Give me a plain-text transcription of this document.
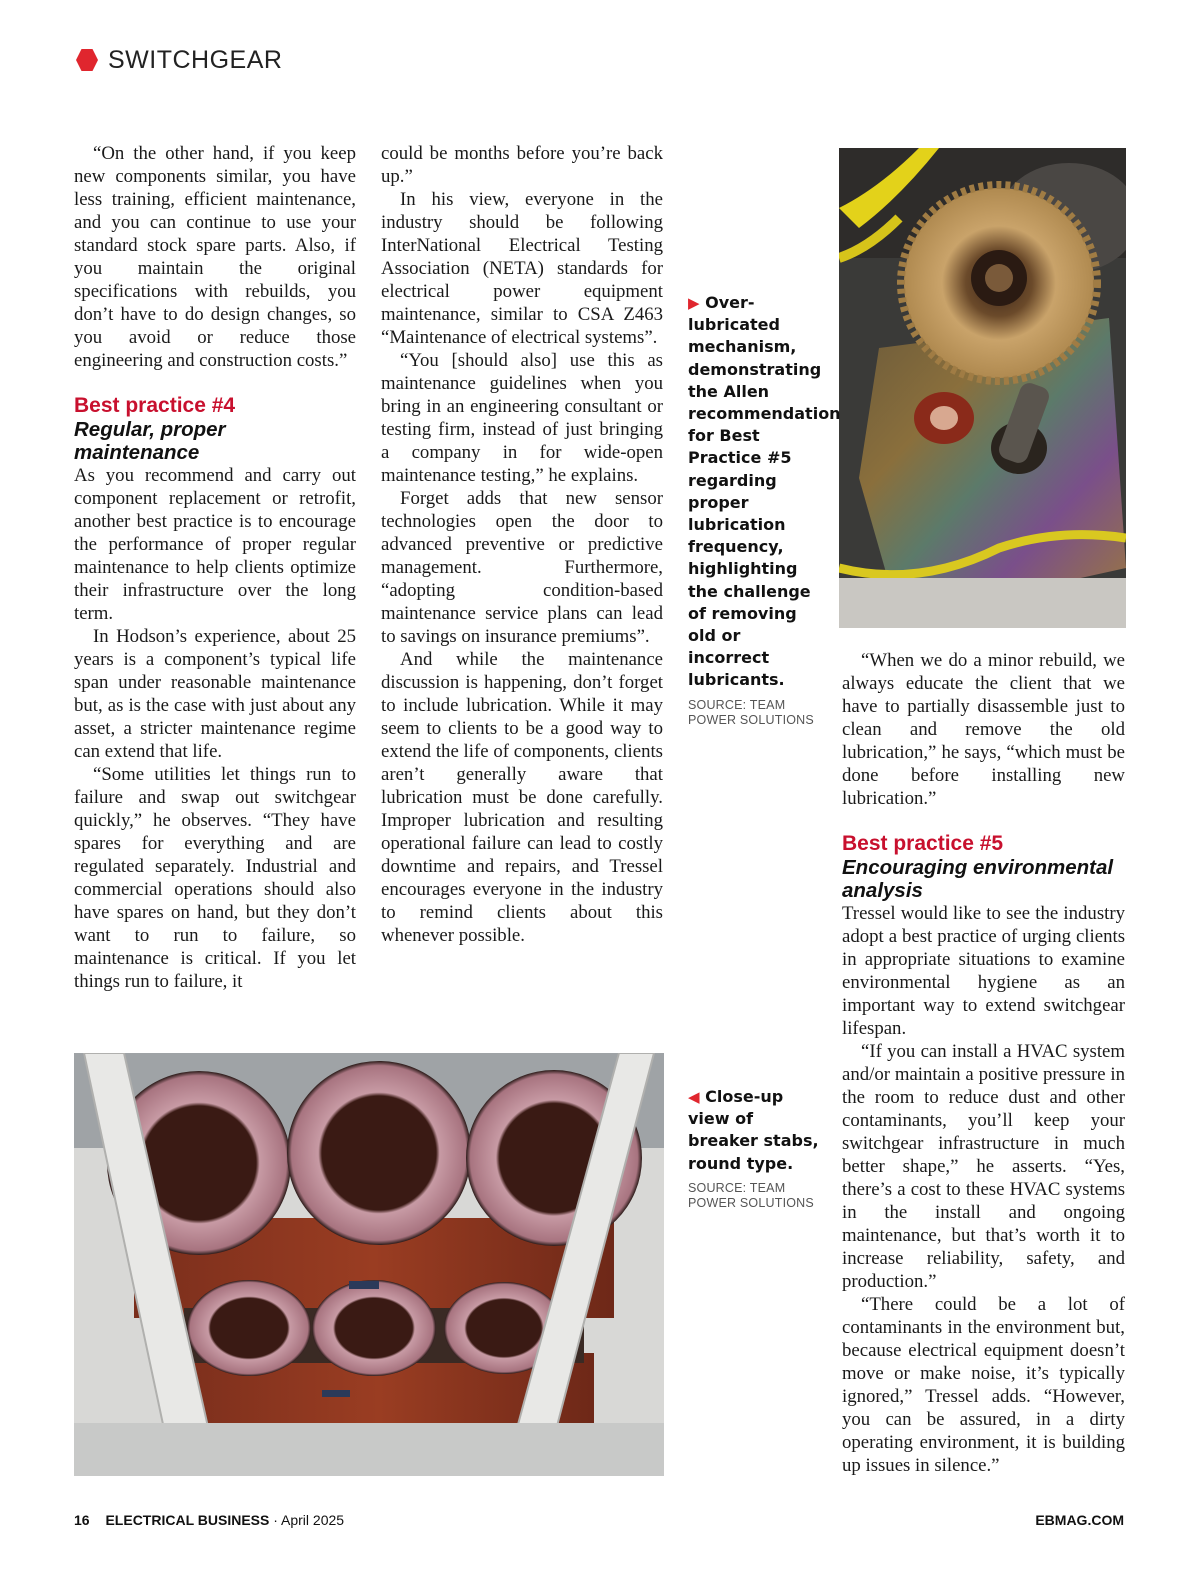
SWITCHGEAR

“On the other hand, if you keep new components similar, you have less training, efficient maintenance, and you can continue to use your standard stock spare parts. Also, if you maintain the original specifications with rebuilds, you don’t have to do design changes, so you avoid or reduce those engineering and construction costs.”

Best practice #4
Regular, proper maintenance

As you recommend and carry out component replacement or retrofit, another best practice is to encourage the performance of proper regular maintenance to help clients optimize their infrastructure over the long term.

In Hodson’s experience, about 25 years is a component’s typical life span under reasonable maintenance but, as is the case with just about any asset, a stricter maintenance regime can extend that life.

“Some utilities let things run to failure and swap out switchgear quickly,” he observes. “They have spares for everything and are regulated separately. Industrial and commercial operations should also have spares on hand, but they don’t want to run to failure, so maintenance is critical. If you let things run to failure, it

could be months before you’re back up.”

In his view, everyone in the industry should be following InterNational Electrical Testing Association (NETA) standards for electrical power equipment maintenance, similar to CSA Z463 “Maintenance of electrical systems”.

“You [should also] use this as maintenance guidelines when you bring in an engineering consultant or testing firm, instead of just bringing a company in for wide-open maintenance testing,” he explains.

Forget adds that new sensor technologies open the door to advanced preventive or predictive management. Furthermore, “adopting condition-based maintenance service plans can lead to savings on insurance premiums”.

And while the maintenance discussion is happening, don’t forget to include lubrication. While it may seem to clients to be a good way to extend the life of components, clients aren’t generally aware that lubrication must be done carefully. Improper lubrication and resulting operational failure can lead to costly downtime and repairs, and Tressel encourages everyone in the industry to remind clients about this whenever possible.

▶ Over-lubricated mechanism, demonstrating the Allen recommendation for Best Practice #5 regarding proper lubrication frequency, highlighting the challenge of removing old or incorrect lubricants.
SOURCE: TEAM POWER SOLUTIONS

“When we do a minor rebuild, we always educate the client that we have to partially disassemble just to clean and remove the old lubrication,” he says, “which must be done before installing new lubrication.”

Best practice #5
Encouraging environmental analysis

Tressel would like to see the industry adopt a best practice of urging clients in appropriate situations to examine environmental hygiene as an important way to extend switchgear lifespan.

“If you can install a HVAC system and/or maintain a positive pressure in the room to reduce dust and other contaminants, you’ll keep your switchgear infrastructure in much better shape,” he asserts. “Yes, there’s a cost to these HVAC systems in the install and ongoing maintenance, but that’s worth it to increase reliability, safety, and production.”

“There could be a lot of contaminants in the environment but, because electrical equipment doesn’t move or make noise, it’s typically ignored,” Tressel adds. “However, you can be assured, in a dirty operating environment, it is building up issues in silence.”

◀ Close-up view of breaker stabs, round type.
SOURCE: TEAM POWER SOLUTIONS
16 ELECTRICAL BUSINESS · April 2025	EBMAG.COM
